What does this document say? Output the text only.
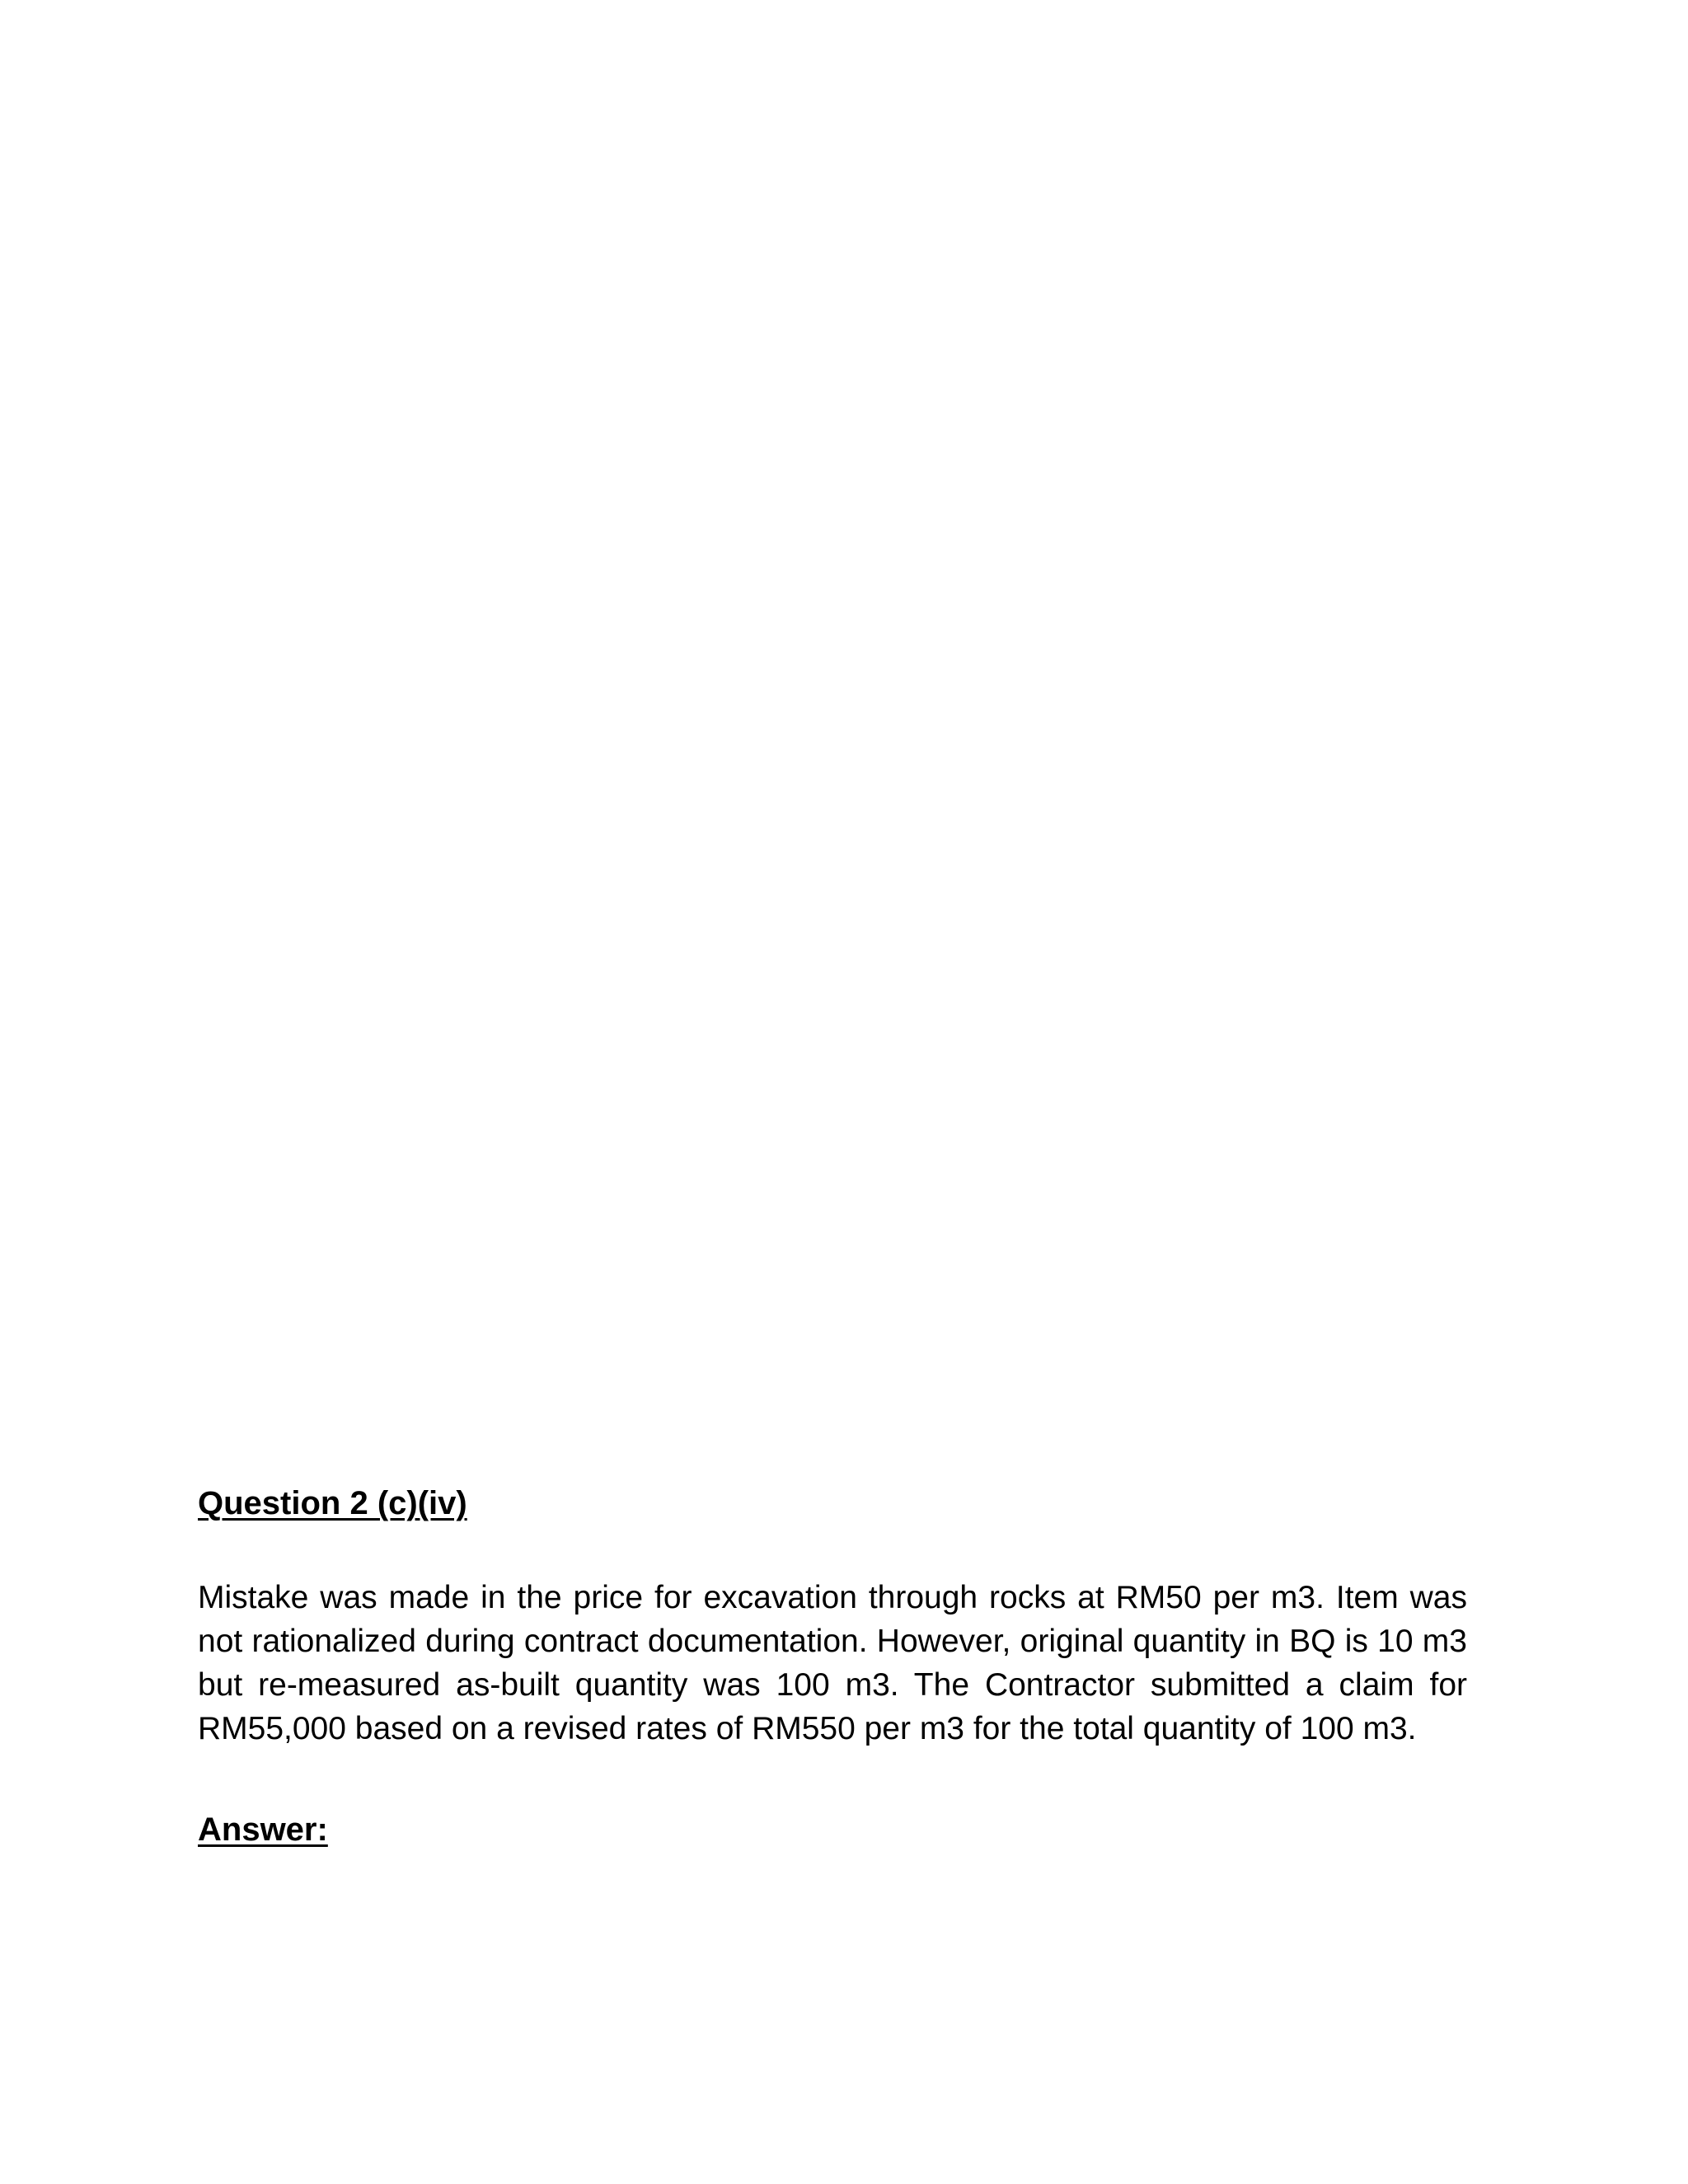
Question 2 (c)(iv)

Mistake was made in the price for excavation through rocks at RM50 per m3. Item was not rationalized during contract documentation. However, original quantity in BQ is 10 m3 but re-measured as-built quantity was 100 m3. The Contractor submitted a claim for RM55,000 based on a revised rates of RM550 per m3 for the total quantity of 100 m3.

Answer:
